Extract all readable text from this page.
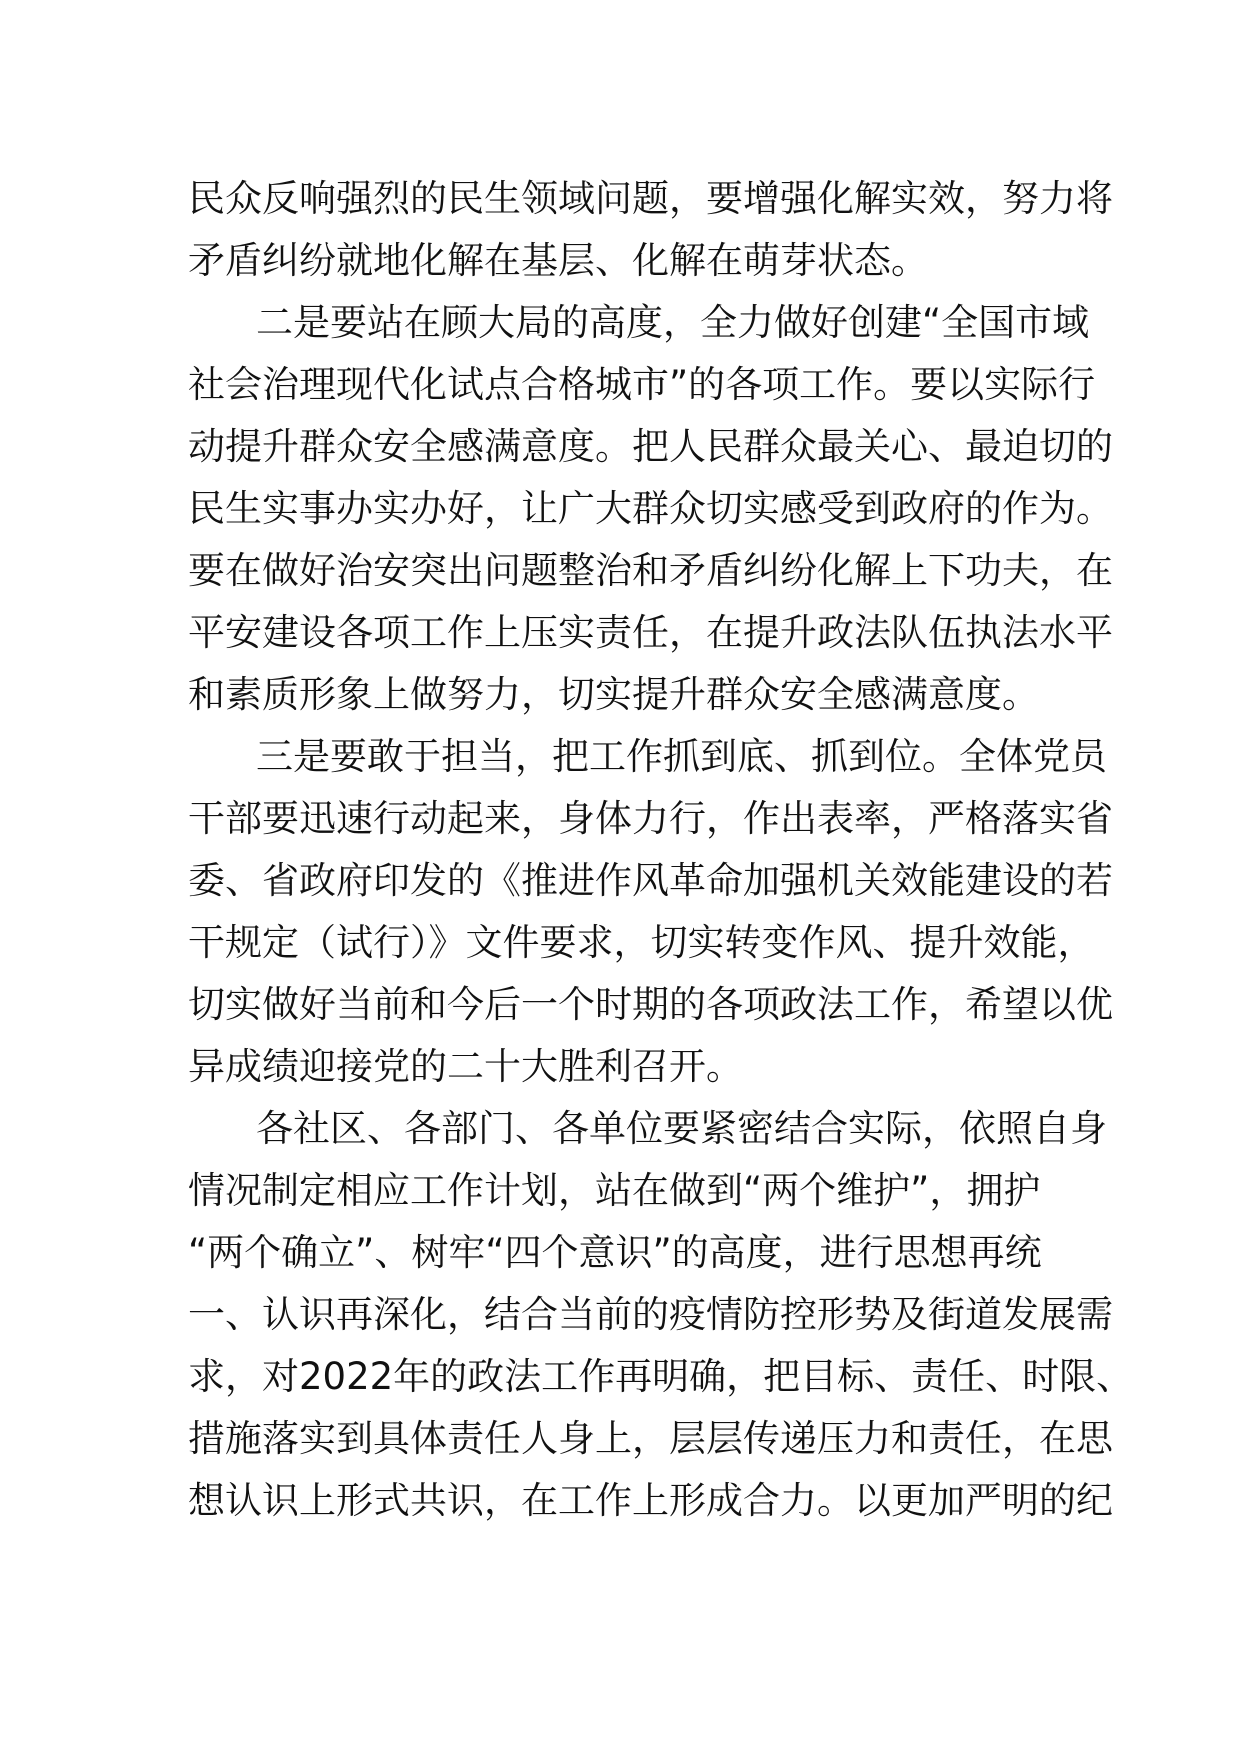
民众反响强烈的民生领域问题，要增强化解实效，努力将
矛盾纠纷就地化解在基层、化解在萌芽状态。
二是要站在顾大局的高度，全力做好创建“全国市域
社会治理现代化试点合格城市”的各项工作。要以实际行
动提升群众安全感满意度。把人民群众最关心、最迫切的
民生实事办实办好，让广大群众切实感受到政府的作为。
要在做好治安突出问题整治和矛盾纠纷化解上下功夫，在
平安建设各项工作上压实责任，在提升政法队伍执法水平
和素质形象上做努力，切实提升群众安全感满意度。
三是要敢于担当，把工作抓到底、抓到位。全体党员
干部要迅速行动起来，身体力行，作出表率，严格落实省
委、省政府印发的《推进作风革命加强机关效能建设的若
干规定（试行）》文件要求，切实转变作风、提升效能，
切实做好当前和今后一个时期的各项政法工作，希望以优
异成绩迎接党的二十大胜利召开。
各社区、各部门、各单位要紧密结合实际，依照自身
情况制定相应工作计划，站在做到“两个维护”，拥护
“两个确立”、树牢“四个意识”的高度，进行思想再统
一、认识再深化，结合当前的疫情防控形势及街道发展需
求，对2022年的政法工作再明确，把目标、责任、时限、
措施落实到具体责任人身上，层层传递压力和责任，在思
想认识上形式共识，在工作上形成合力。以更加严明的纪
